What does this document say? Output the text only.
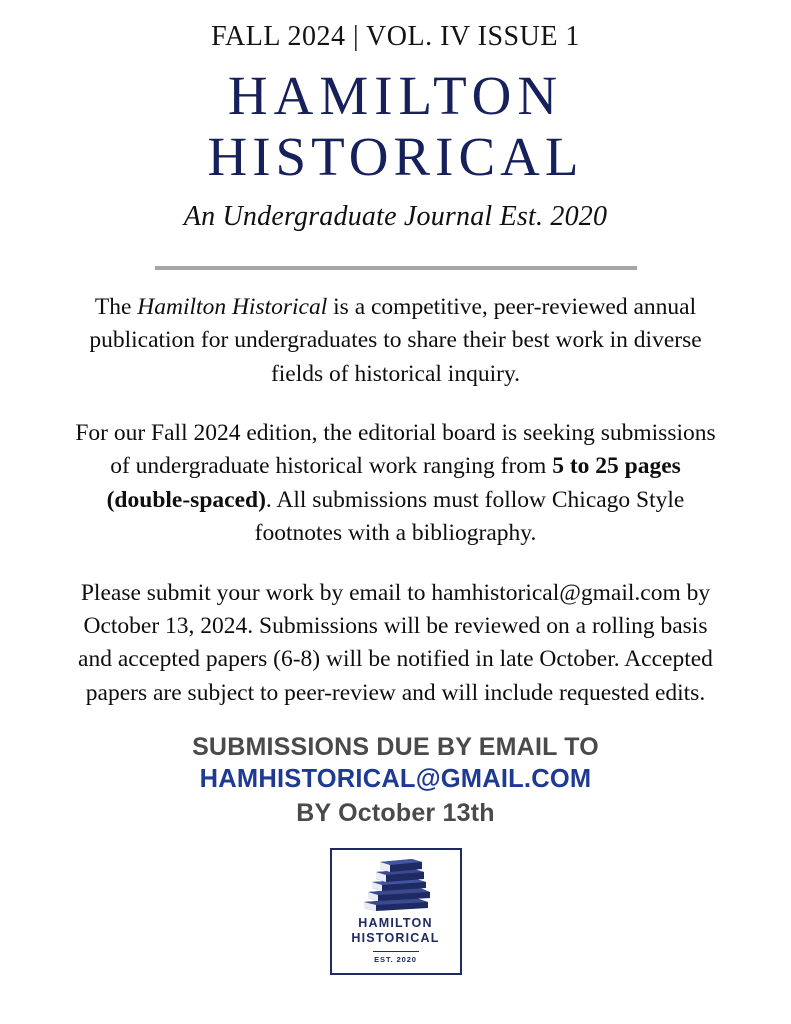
FALL 2024 | VOL. IV ISSUE 1
HAMILTON
HISTORICAL
An Undergraduate Journal Est. 2020

The Hamilton Historical is a competitive, peer-reviewed annual publication for undergraduates to share their best work in diverse fields of historical inquiry.

For our Fall 2024 edition, the editorial board is seeking submissions of undergraduate historical work ranging from 5 to 25 pages (double-spaced). All submissions must follow Chicago Style footnotes with a bibliography.

Please submit your work by email to hamhistorical@gmail.com by October 13, 2024. Submissions will be reviewed on a rolling basis and accepted papers (6-8) will be notified in late October. Accepted papers are subject to peer-review and will include requested edits.

SUBMISSIONS DUE BY EMAIL TO
HAMHISTORICAL@GMAIL.COM
BY October 13th
HAMILTON
HISTORICAL
EST. 2020
